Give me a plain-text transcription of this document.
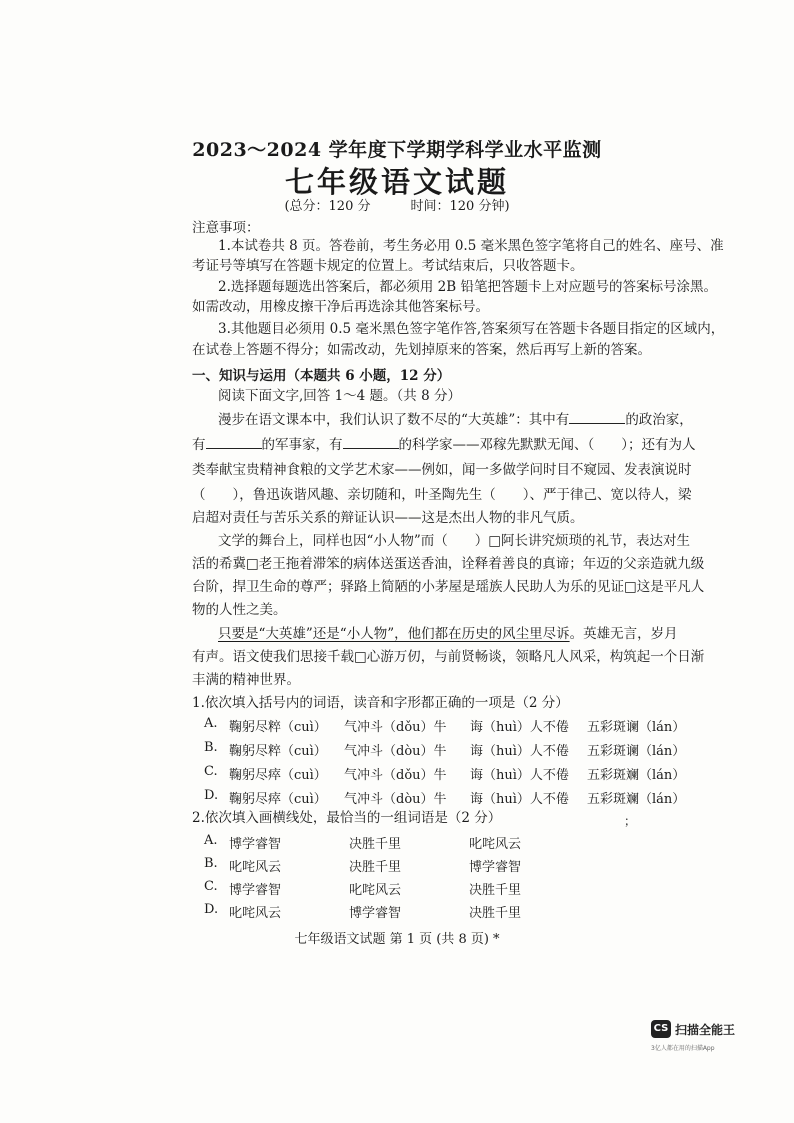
2023～2024 学年度下学期学科学业水平监测
七年级语文试题
(总分：120 分	时间：120 分钟)
注意事项：
1.本试卷共 8 页。答卷前，考生务必用 0.5 毫米黑色签字笔将自己的姓名、座号、准
考证号等填写在答题卡规定的位置上。考试结束后，只收答题卡。
2.选择题每题选出答案后，都必须用 2B 铅笔把答题卡上对应题号的答案标号涂黑。
如需改动，用橡皮擦干净后再选涂其他答案标号。
3.其他题目必须用 0.5 毫米黑色签字笔作答,答案须写在答题卡各题目指定的区域内，
在试卷上答题不得分；如需改动，先划掉原来的答案，然后再写上新的答案。
一、知识与运用（本题共 6 小题，12 分）
阅读下面文字,回答 1～4 题。（共 8 分）
漫步在语文课本中，我们认识了数不尽的“大英雄”：其中有	的政治家，
有	的军事家，有	的科学家——邓稼先默默无闻、（　　）；还有为人
类奉献宝贵精神食粮的文学艺术家——例如，闻一多做学问时目不窥园、发表演说时
（　　），鲁迅诙谐风趣、亲切随和，叶圣陶先生（　　）、严于律己、宽以待人，梁
启超对责任与苦乐关系的辩证认识——这是杰出人物的非凡气质。
文学的舞台上，同样也因“小人物”而（　　）□阿长讲究烦琐的礼节，表达对生
活的希冀□老王拖着滞笨的病体送蛋送香油，诠释着善良的真谛；年迈的父亲造就九级
台阶，捍卫生命的尊严；驿路上简陋的小茅屋是瑶族人民助人为乐的见证□这是平凡人
物的人性之美。
只要是“大英雄”还是“小人物”，他们都在历史的风尘里尽诉。英雄无言，岁月
有声。语文使我们思接千载□心游万仞，与前贤畅谈，领略凡人风采，构筑起一个日渐
丰满的精神世界。
1.依次填入括号内的词语，读音和字形都正确的一项是（2 分）
A. 鞠躬尽粹（cuì） 气冲斗（dǒu）牛 诲（huì）人不倦 五彩斑谰（lán）
B. 鞠躬尽粹（cuì） 气冲斗（dòu）牛 诲（huì）人不倦 五彩斑谰（lán）
C. 鞠躬尽瘁（cuì） 气冲斗（dǒu）牛 诲（huì）人不倦 五彩斑斓（lán）
D. 鞠躬尽瘁（cuì） 气冲斗（dòu）牛 诲（huì）人不倦 五彩斑斓（lán）
2.依次填入画横线处，最恰当的一组词语是（2 分）	；
A. 博学睿智	决胜千里	叱咤风云
B. 叱咤风云	决胜千里	博学睿智
C. 博学睿智	叱咤风云	决胜千里
D. 叱咤风云	博学睿智	决胜千里
七年级语文试题 第 1 页 (共 8 页) *
CS 扫描全能王
3亿人都在用的扫描App
